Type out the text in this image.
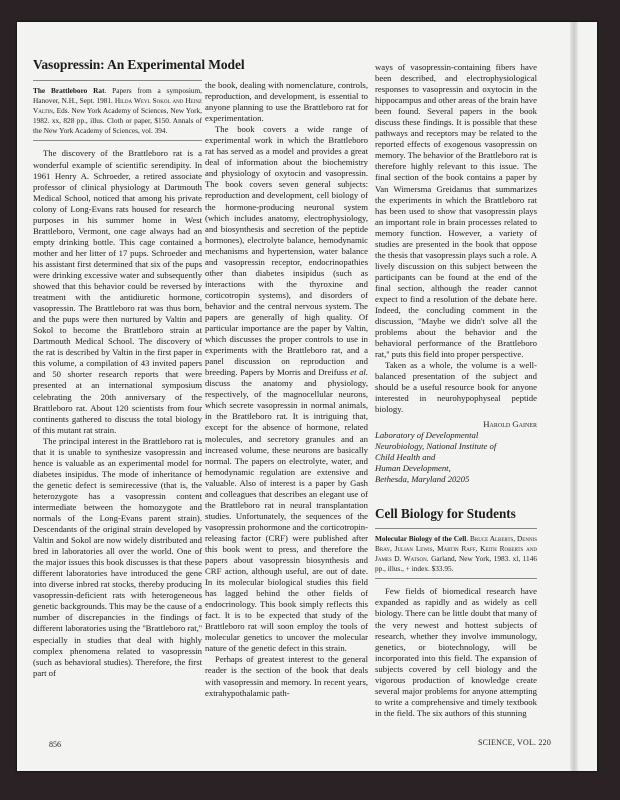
Vasopressin: An Experimental Model

The Brattleboro Rat. Papers from a symposium, Hanover, N.H., Sept. 1981. Hilda Weyl Sokol and Heinz Valtin, Eds. New York Academy of Sciences, New York, 1982. xx, 828 pp., illus. Cloth or paper, $150. Annals of the New York Academy of Sciences, vol. 394.

The discovery of the Brattleboro rat is a wonderful example of scientific serendipity. In 1961 Henry A. Schroeder, a retired associate professor of clinical physiology at Dartmouth Medical School, noticed that among his private colony of Long-Evans rats housed for research purposes in his summer home in West Brattleboro, Vermont, one cage always had an empty drinking bottle. This cage contained a mother and her litter of 17 pups. Schroeder and his assistant first determined that six of the pups were drinking excessive water and subsequently showed that this behavior could be reversed by treatment with the antidiuretic hormone, vasopressin. The Brattleboro rat was thus born, and the pups were then nurtured by Valtin and Sokol to become the Brattleboro strain at Dartmouth Medical School. The discovery of the rat is described by Valtin in the first paper in this volume, a compilation of 43 invited papers and 50 shorter research reports that were presented at an international symposium celebrating the 20th anniversary of the Brattleboro rat. About 120 scientists from four continents gathered to discuss the total biology of this mutant rat strain.

The principal interest in the Brattleboro rat is that it is unable to synthesize vasopressin and hence is valuable as an experimental model for diabetes insipidus. The mode of inheritance of the genetic defect is semirecessive (that is, the heterozygote has a vasopressin content intermediate between the homozygote and normals of the Long-Evans parent strain). Descendants of the original strain developed by Valtin and Sokol are now widely distributed and bred in laboratories all over the world. One of the major issues this book discusses is that these different laboratories have introduced the gene into diverse inbred rat stocks, thereby producing vasopressin-deficient rats with heterogeneous genetic backgrounds. This may be the cause of a number of discrepancies in the findings of different laboratories using the ''Brattleboro rat,'' especially in studies that deal with highly complex phenomena related to vasopressin (such as behavioral studies). Therefore, the first part of

the book, dealing with nomenclature, controls, reproduction, and development, is essential to anyone planning to use the Brattleboro rat for experimentation.

The book covers a wide range of experimental work in which the Brattleboro rat has served as a model and provides a great deal of information about the biochemistry and physiology of oxytocin and vasopressin. The book covers seven general subjects: reproduction and development, cell biology of the hormone-producing neuronal system (which includes anatomy, electrophysiology, and biosynthesis and secretion of the peptide hormones), electrolyte balance, hemodynamic mechanisms and hypertension, water balance and vasopressin receptor, endocrinopathies other than diabetes insipidus (such as interactions with the thyroxine and corticotropin systems), and disorders of behavior and the central nervous system. The papers are generally of high quality. Of particular importance are the paper by Valtin, which discusses the proper controls to use in experiments with the Brattleboro rat, and a panel discussion on reproduction and breeding. Papers by Morris and Dreifuss et al. discuss the anatomy and physiology, respectively, of the magnocellular neurons, which secrete vasopressin in normal animals, in the Brattleboro rat. It is intriguing that, except for the absence of hormone, related molecules, and secretory granules and an increased volume, these neurons are basically normal. The papers on electrolyte, water, and hemodynamic regulation are extensive and valuable. Also of interest is a paper by Gash and colleagues that describes an elegant use of the Brattleboro rat in neural transplantation studies. Unfortunately, the sequences of the vasopressin prohormone and the corticotropin-releasing factor (CRF) were published after this book went to press, and therefore the papers about vasopressin biosynthesis and CRF action, although useful, are out of date. In its molecular biological studies this field has lagged behind the other fields of endocrinology. This book simply reflects this fact. It is to be expected that study of the Brattleboro rat will soon employ the tools of molecular genetics to uncover the molecular nature of the genetic defect in this strain.

Perhaps of greatest interest to the general reader is the section of the book that deals with vasopressin and memory. In recent years, extrahypothalamic path-

ways of vasopressin-containing fibers have been described, and electrophysiological responses to vasopressin and oxytocin in the hippocampus and other areas of the brain have been found. Several papers in the book discuss these findings. It is possible that these pathways and receptors may be related to the reported effects of exogenous vasopressin on memory. The behavior of the Brattleboro rat is therefore highly relevant to this issue. The final section of the book contains a paper by Van Wimersma Greidanus that summarizes the experiments in which the Brattleboro rat has been used to show that vasopressin plays an important role in brain processes related to memory function. However, a variety of studies are presented in the book that oppose the thesis that vasopressin plays such a role. A lively discussion on this subject between the participants can be found at the end of the final section, although the reader cannot expect to find a resolution of the debate here. Indeed, the concluding comment in the discussion, ''Maybe we didn't solve all the problems about the behavior and the behavioral performance of the Brattleboro rat,'' puts this field into proper perspective.

Taken as a whole, the volume is a well-balanced presentation of the subject and should be a useful resource book for anyone interested in neurohypophyseal peptide biology.

Harold Gainer
Laboratory of Developmental
Neurobiology, National Institute of
Child Health and
Human Development,
Bethesda, Maryland 20205
Cell Biology for Students

Molecular Biology of the Cell. Bruce Alberts, Dennis Bray, Julian Lewis, Martin Raff, Keith Roberts and James D. Watson. Garland, New York, 1983. xl, 1146 pp., illus., + index. $33.95.

Few fields of biomedical research have expanded as rapidly and as widely as cell biology. There can be little doubt that many of the very newest and hottest subjects of research, whether they involve immunology, genetics, or biotechnology, will be incorporated into this field. The expansion of subjects covered by cell biology and the vigorous production of knowledge create several major problems for anyone attempting to write a comprehensive and timely textbook in the field. The six authors of this stunning

856	SCIENCE, VOL. 220
